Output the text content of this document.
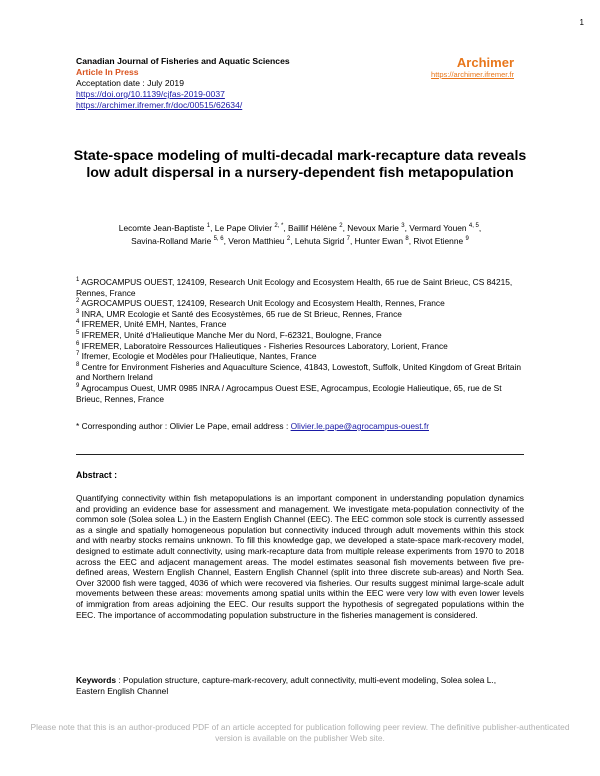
1
Canadian Journal of Fisheries and Aquatic Sciences
Article In Press
Acceptation date : July 2019
https://doi.org/10.1139/cjfas-2019-0037
https://archimer.ifremer.fr/doc/00515/62634/
Archimer
https://archimer.ifremer.fr
State-space modeling of multi-decadal mark-recapture data reveals low adult dispersal in a nursery-dependent fish metapopulation
Lecomte Jean-Baptiste $^1$, Le Pape Olivier $^{2, *}$, Baillif Hélène $^2$, Nevoux Marie $^3$, Vermard Youen $^{4, 5}$,
Savina-Rolland Marie $^{5, 6}$, Veron Matthieu $^2$, Lehuta Sigrid $^7$, Hunter Ewan $^8$, Rivot Etienne $^9$

$^1$ AGROCAMPUS OUEST, 124109, Research Unit Ecology and Ecosystem Health, 65 rue de Saint Brieuc, CS 84215, Rennes, France

$^2$ AGROCAMPUS OUEST, 124109, Research Unit Ecology and Ecosystem Health, Rennes, France

$^3$ INRA, UMR Ecologie et Santé des Ecosystèmes, 65 rue de St Brieuc, Rennes, France

$^4$ IFREMER, Unité EMH, Nantes, France

$^5$ IFREMER, Unité d'Halieutique Manche Mer du Nord, F-62321, Boulogne, France

$^6$ IFREMER, Laboratoire Ressources Halieutiques - Fisheries Resources Laboratory, Lorient, France

$^7$ Ifremer, Ecologie et Modèles pour l'Halieutique, Nantes, France

$^8$ Centre for Environment Fisheries and Aquaculture Science, 41843, Lowestoft, Suffolk, United Kingdom of Great Britain and Northern Ireland

$^9$ Agrocampus Ouest, UMR 0985 INRA / Agrocampus Ouest ESE, Agrocampus, Ecologie Halieutique, 65, rue de St Brieuc, Rennes, France

* Corresponding author : Olivier Le Pape, email address : Olivier.le.pape@agrocampus-ouest.fr
Abstract :

Quantifying connectivity within fish metapopulations is an important component in understanding population dynamics and providing an evidence base for assessment and management. We investigate meta-population connectivity of the common sole (Solea solea L.) in the Eastern English Channel (EEC). The EEC common sole stock is currently assessed as a single and spatially homogeneous population but connectivity induced through adult movements within this stock and with nearby stocks remains unknown. To fill this knowledge gap, we developed a state-space mark-recovery model, designed to estimate adult connectivity, using mark-recapture data from multiple release experiments from 1970 to 2018 across the EEC and adjacent management areas. The model estimates seasonal fish movements between five pre-defined areas, Western English Channel, Eastern English Channel (split into three discrete sub-areas) and North Sea. Over 32000 fish were tagged, 4036 of which were recovered via fisheries. Our results suggest minimal large-scale adult movements between these areas: movements among spatial units within the EEC were very low with even lower levels of immigration from areas adjoining the EEC. Our results support the hypothesis of segregated populations within the EEC. The importance of accommodating population substructure in the fisheries management is considered.

Keywords : Population structure, capture-mark-recovery, adult connectivity, multi-event modeling, Solea solea L., Eastern English Channel
Please note that this is an author-produced PDF of an article accepted for publication following peer review. The definitive publisher-authenticated version is available on the publisher Web site.
